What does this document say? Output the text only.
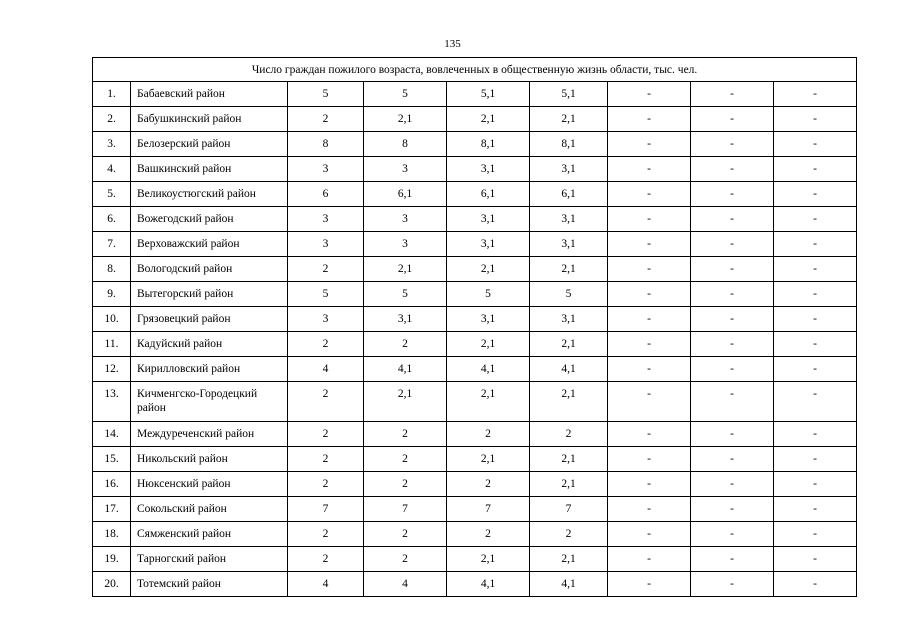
135
Число граждан пожилого возраста, вовлеченных в общественную жизнь области, тыс. чел.								
1.	Бабаевский район	5	5	5,1	5,1	-	-	-
2.	Бабушкинский район	2	2,1	2,1	2,1	-	-	-
3.	Белозерский район	8	8	8,1	8,1	-	-	-
4.	Вашкинский район	3	3	3,1	3,1	-	-	-
5.	Великоустюгский район	6	6,1	6,1	6,1	-	-	-
6.	Вожегодский район	3	3	3,1	3,1	-	-	-
7.	Верховажский район	3	3	3,1	3,1	-	-	-
8.	Вологодский район	2	2,1	2,1	2,1	-	-	-
9.	Вытегорский район	5	5	5	5	-	-	-
10.	Грязовецкий район	3	3,1	3,1	3,1	-	-	-
11.	Кадуйский район	2	2	2,1	2,1	-	-	-
12.	Кирилловский район	4	4,1	4,1	4,1	-	-	-
13.	Кичменгско-Городецкий район	2	2,1	2,1	2,1	-	-	-
14.	Междуреченский район	2	2	2	2	-	-	-
15.	Никольский район	2	2	2,1	2,1	-	-	-
16.	Нюксенский район	2	2	2	2,1	-	-	-
17.	Сокольский район	7	7	7	7	-	-	-
18.	Сямженский район	2	2	2	2	-	-	-
19.	Тарногский район	2	2	2,1	2,1	-	-	-
20.	Тотемский район	4	4	4,1	4,1	-	-	-
